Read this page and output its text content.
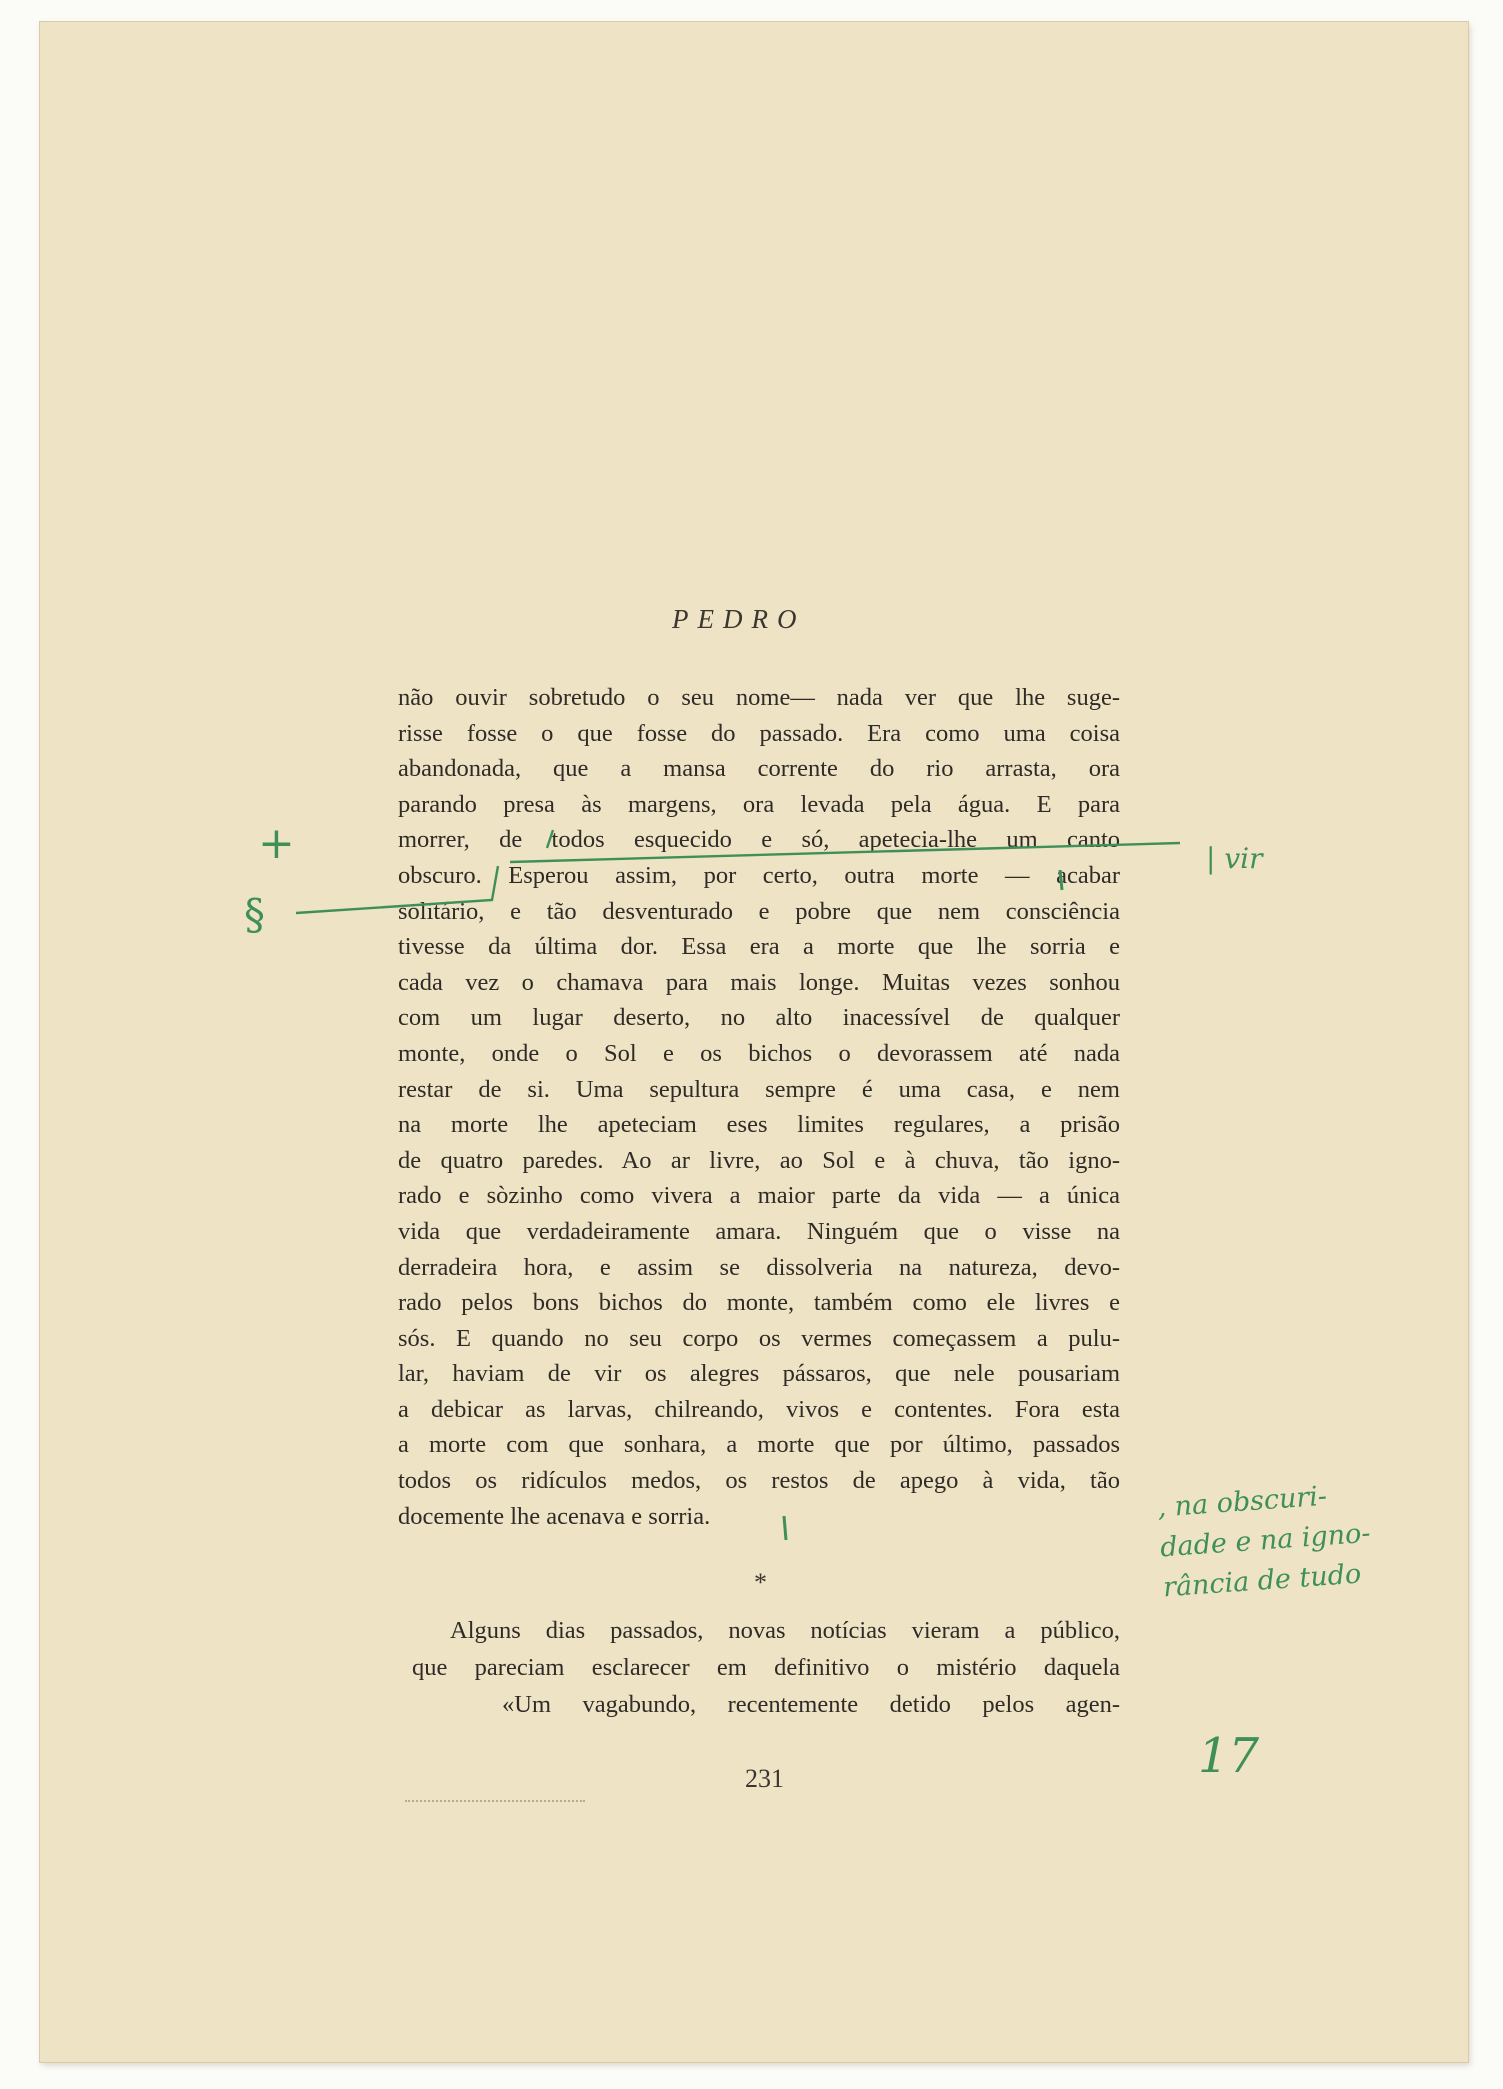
PEDRO
não ouvir sobretudo o seu nome— nada ver que lhe suge-
risse fosse o que fosse do passado. Era como uma coisa
abandonada, que a mansa corrente do rio arrasta, ora
parando presa às margens, ora levada pela água. E para
morrer, de todos esquecido e só, apetecia-lhe um canto
obscuro. Esperou assim, por certo, outra morte — acabar
solitário, e tão desventurado e pobre que nem consciência
tivesse da última dor. Essa era a morte que lhe sorria e
cada vez o chamava para mais longe. Muitas vezes sonhou
com um lugar deserto, no alto inacessível de qualquer
monte, onde o Sol e os bichos o devorassem até nada
restar de si. Uma sepultura sempre é uma casa, e nem
na morte lhe apeteciam eses limites regulares, a prisão
de quatro paredes. Ao ar livre, ao Sol e à chuva, tão igno-
rado e sòzinho como vivera a maior parte da vida — a única
vida que verdadeiramente amara. Ninguém que o visse na
derradeira hora, e assim se dissolveria na natureza, devo-
rado pelos bons bichos do monte, também como ele livres e
sós. E quando no seu corpo os vermes começassem a pulu-
lar, haviam de vir os alegres pássaros, que nele pousariam
a debicar as larvas, chilreando, vivos e contentes. Fora esta
a morte com que sonhara, a morte que por último, passados
todos os ridículos medos, os restos de apego à vida, tão
docemente lhe acenava e sorria.
*
Alguns dias passados, novas notícias vieram a público,
que pareciam esclarecer em definitivo o mistério daquela
«Um vagabundo, recentemente detido pelos agen-
231
+
§
| vir
, na obscuri-
dade e na igno-
rância de tudo
17
